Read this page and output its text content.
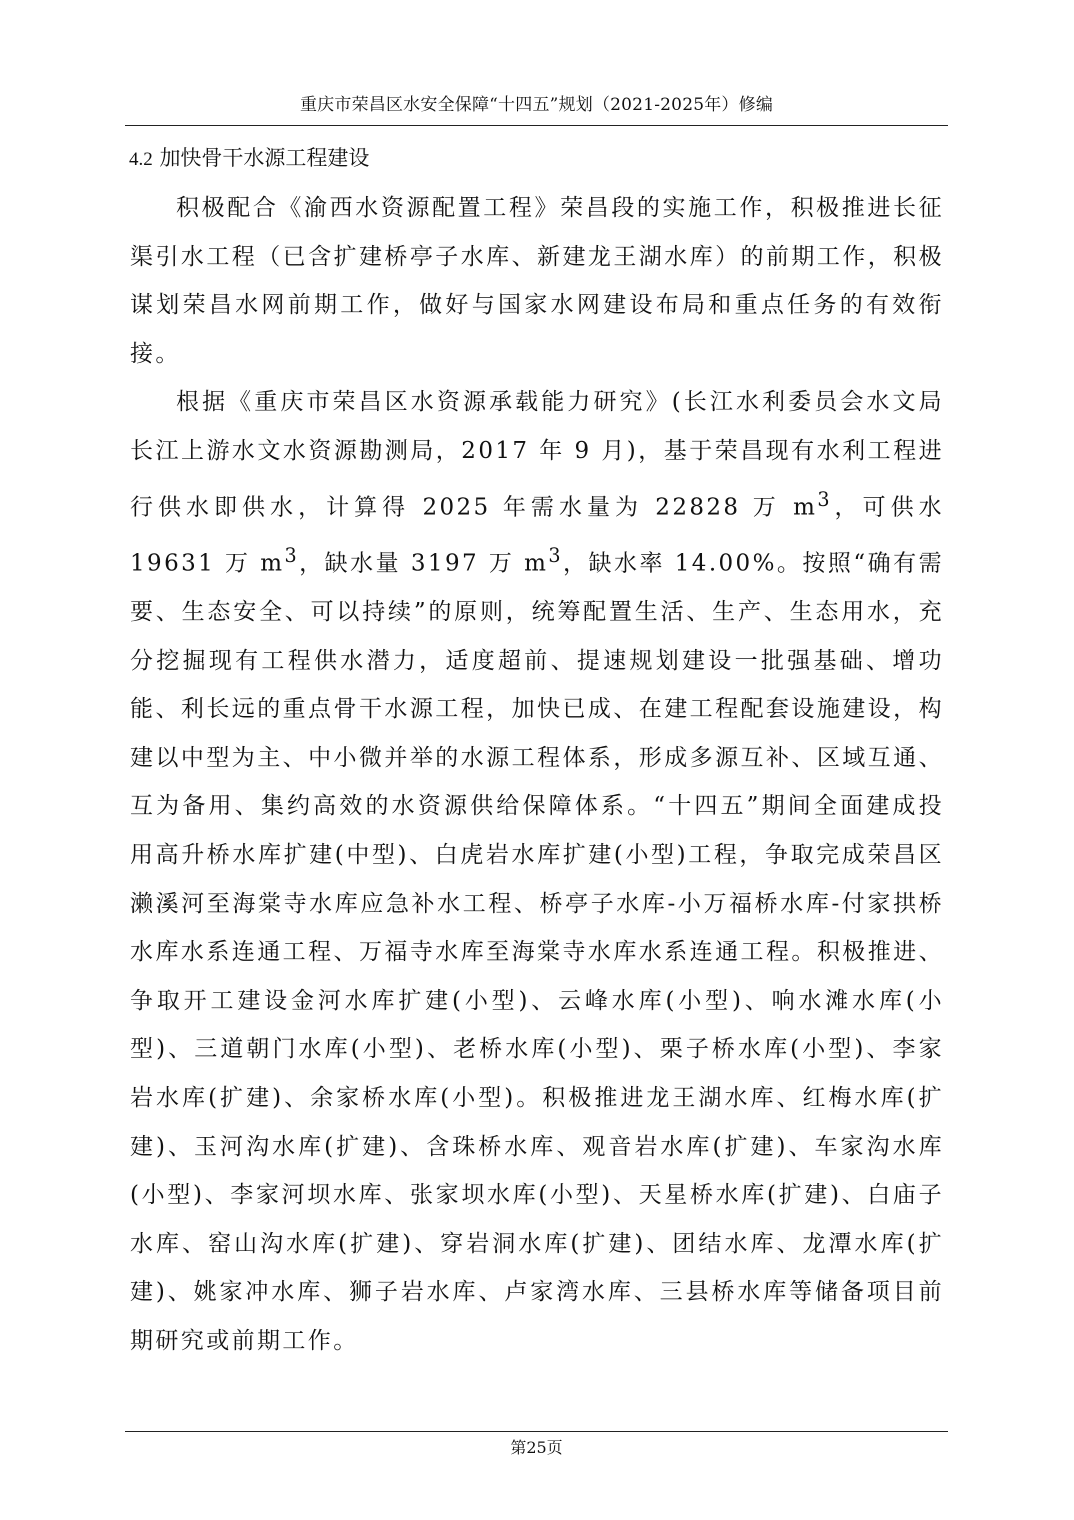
重庆市荣昌区水安全保障“十四五”规划（2021-2025年）修编
4.2 加快骨干水源工程建设

积极配合《渝西水资源配置工程》荣昌段的实施工作，积极推进长征渠引水工程（已含扩建桥亭子水库、新建龙王湖水库）的前期工作，积极谋划荣昌水网前期工作，做好与国家水网建设布局和重点任务的有效衔接。

根据《重庆市荣昌区水资源承载能力研究》(长江水利委员会水文局长江上游水文水资源勘测局，2017 年 9 月)，基于荣昌现有水利工程进行供水即供水，计算得 2025 年需水量为 22828 万 $m^3$，可供水 19631 万 $m^3$，缺水量 3197 万 $m^3$，缺水率 14.00%。按照“确有需要、生态安全、可以持续”的原则，统筹配置生活、生产、生态用水，充分挖掘现有工程供水潜力，适度超前、提速规划建设一批强基础、增功能、利长远的重点骨干水源工程，加快已成、在建工程配套设施建设，构建以中型为主、中小微并举的水源工程体系，形成多源互补、区域互通、互为备用、集约高效的水资源供给保障体系。“十四五”期间全面建成投用高升桥水库扩建(中型)、白虎岩水库扩建(小型)工程，争取完成荣昌区濑溪河至海棠寺水库应急补水工程、桥亭子水库-小万福桥水库-付家拱桥水库水系连通工程、万福寺水库至海棠寺水库水系连通工程。积极推进、争取开工建设金河水库扩建(小型)、云峰水库(小型)、响水滩水库(小型)、三道朝门水库(小型)、老桥水库(小型)、栗子桥水库(小型)、李家岩水库(扩建)、余家桥水库(小型)。积极推进龙王湖水库、红梅水库(扩建)、玉河沟水库(扩建)、含珠桥水库、观音岩水库(扩建)、车家沟水库(小型)、李家河坝水库、张家坝水库(小型)、天星桥水库(扩建)、白庙子水库、窑山沟水库(扩建)、穿岩洞水库(扩建)、团结水库、龙潭水库(扩建)、姚家冲水库、狮子岩水库、卢家湾水库、三县桥水库等储备项目前期研究或前期工作。

第25页
